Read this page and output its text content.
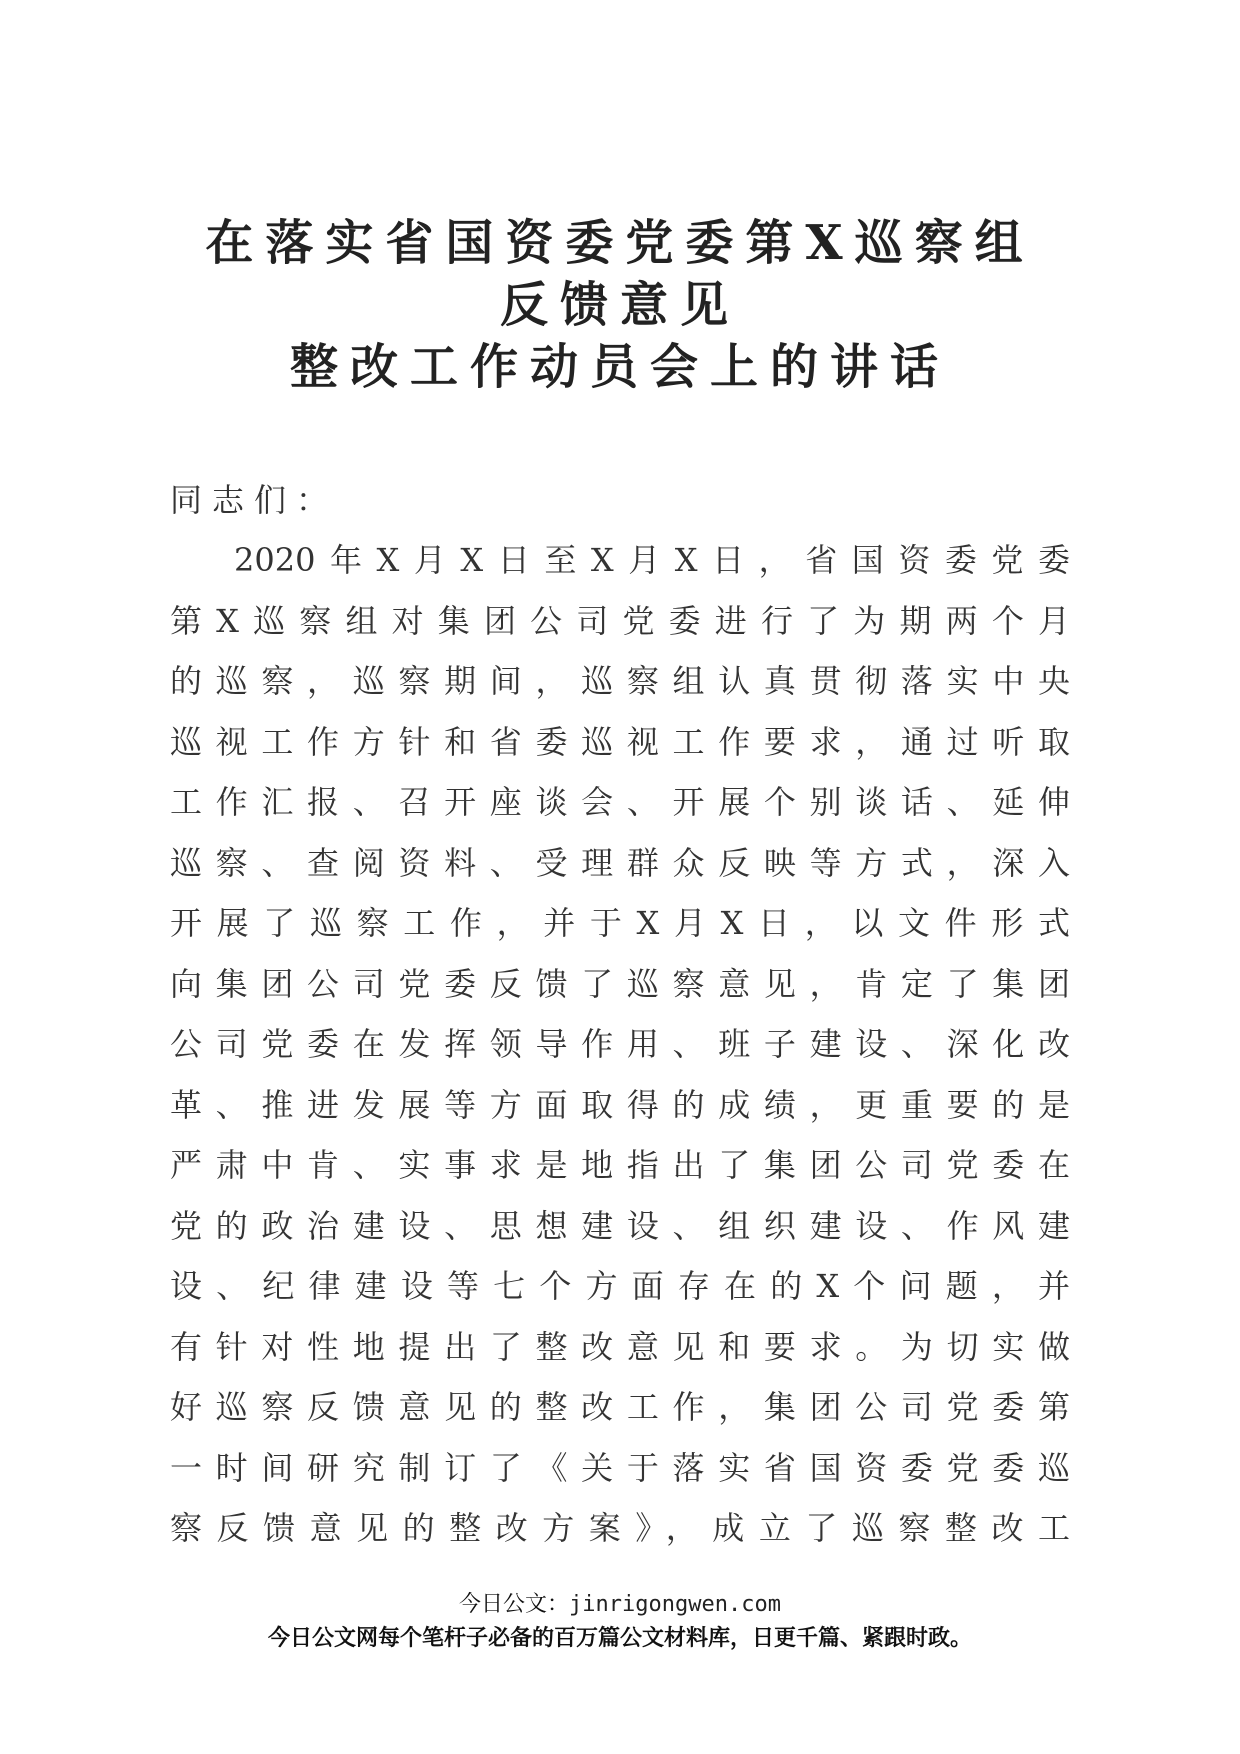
在落实省国资委党委第X巡察组
反馈意见
整改工作动员会上的讲话

同志们：

2020年X月X日至X月X日，省国资委党委
第X巡察组对集团公司党委进行了为期两个月
的巡察，巡察期间，巡察组认真贯彻落实中央
巡视工作方针和省委巡视工作要求，通过听取
工作汇报、召开座谈会、开展个别谈话、延伸
巡察、查阅资料、受理群众反映等方式，深入
开展了巡察工作，并于X月X日，以文件形式
向集团公司党委反馈了巡察意见，肯定了集团
公司党委在发挥领导作用、班子建设、深化改
革、推进发展等方面取得的成绩，更重要的是
严肃中肯、实事求是地指出了集团公司党委在
党的政治建设、思想建设、组织建设、作风建
设、纪律建设等七个方面存在的X个问题，并
有针对性地提出了整改意见和要求。为切实做
好巡察反馈意见的整改工作，集团公司党委第
一时间研究制订了《关于落实省国资委党委巡
察反馈意见的整改方案》，成立了巡察整改工

今日公文：jinrigongwen.com
今日公文网每个笔杆子必备的百万篇公文材料库，日更千篇、紧跟时政。
